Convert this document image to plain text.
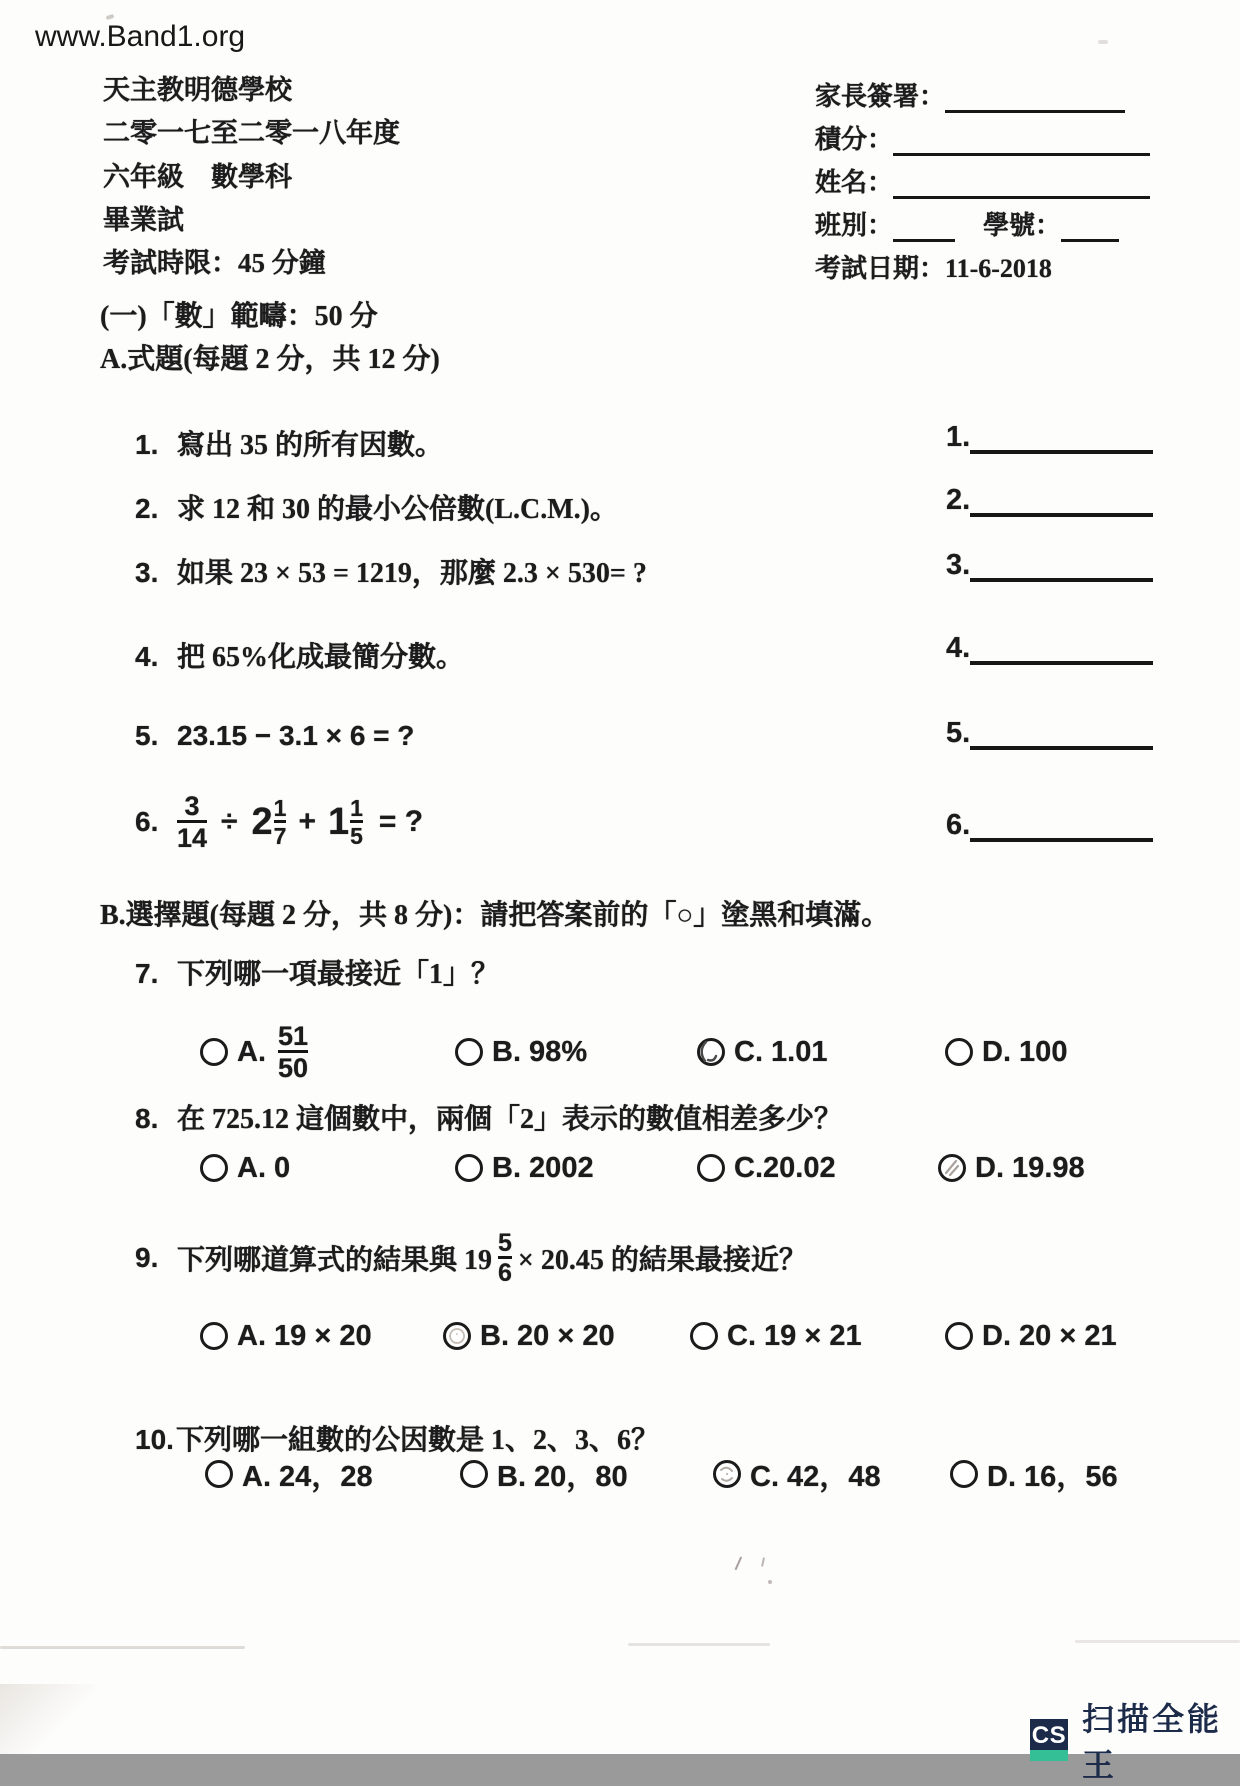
www.Band1.org
天主教明德學校
二零一七至二零一八年度
六年級　數學科
畢業試
考試時限：45 分鐘
家長簽署：
積分：
姓名：
班別：	學號：
考試日期：11-6-2018
(一)「數」範疇：50 分
A.式題(每題 2 分，共 12 分)
1. 寫出 35 的所有因數。
2. 求 12 和 30 的最小公倍數(L.C.M.)。
3. 如果 23 × 53 = 1219，那麼 2.3 × 530= ?
4. 把 65%化成最簡分數。
5. 23.15 − 3.1 × 6 = ?
6. $\frac{3}{14} \div 2 \frac{1}{7} + 1 \frac{1}{5}$ = ?
1.
2.
3.
4.
5.
6.
B.選擇題(每題 2 分，共 8 分)：請把答案前的「○」塗黑和填滿。
7. 下列哪一項最接近「1」？
A. $\frac{51}{50}$	B. 98%	C. 1.01	D. 100
8. 在 725.12 這個數中，兩個「2」表示的數值相差多少？
A. 0	B. 2002	C.20.02	D. 19.98
9. 下列哪道算式的結果與 $19 \frac{5}{6} \times 20.45$ 的結果最接近？
A. 19 × 20	B. 20 × 20	C. 19 × 21	D. 20 × 21
10. 下列哪一組數的公因數是 1、2、3、6？
A. 24，28	B. 20，80	C. 42，48	D. 16，56
CS 扫描全能王
